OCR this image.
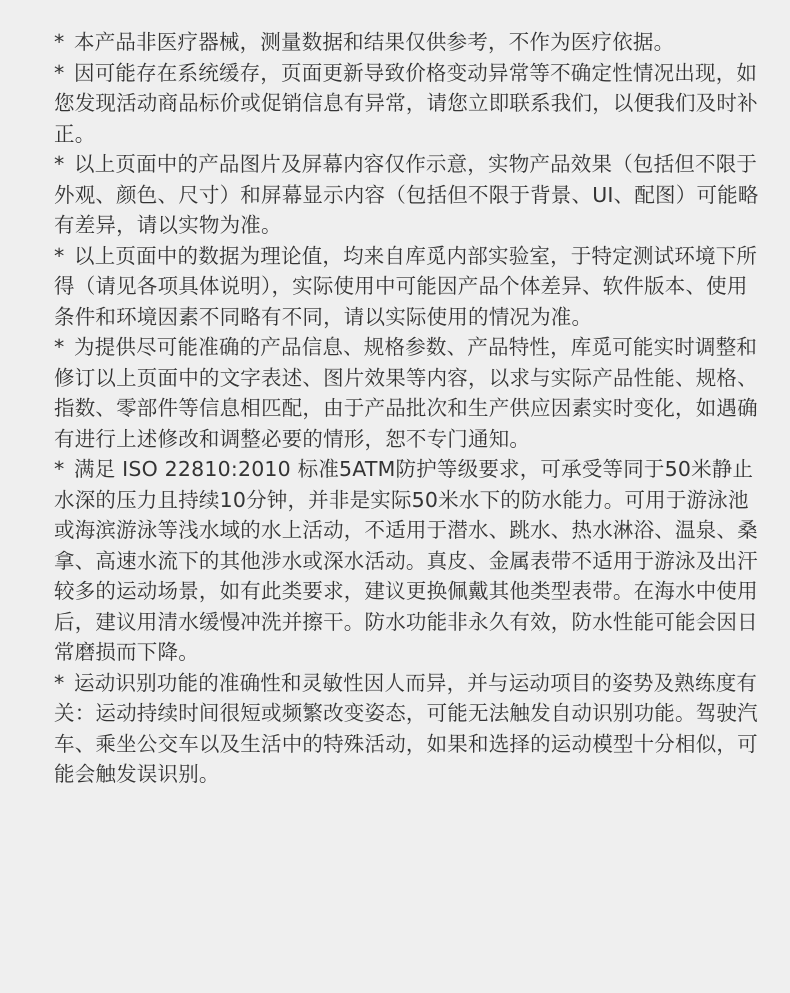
* 本产品非医疗器械，测量数据和结果仅供参考，不作为医疗依据。

* 因可能存在系统缓存，页面更新导致价格变动异常等不确定性情况出现，如您发现活动商品标价或促销信息有异常，请您立即联系我们，以便我们及时补正。

* 以上页面中的产品图片及屏幕内容仅作示意，实物产品效果（包括但不限于外观、颜色、尺寸）和屏幕显示内容（包括但不限于背景、UI、配图）可能略有差异，请以实物为准。

* 以上页面中的数据为理论值，均来自库觅内部实验室，于特定测试环境下所得（请见各项具体说明），实际使用中可能因产品个体差异、软件版本、使用条件和环境因素不同略有不同，请以实际使用的情况为准。

* 为提供尽可能准确的产品信息、规格参数、产品特性，库觅可能实时调整和修订以上页面中的文字表述、图片效果等内容，以求与实际产品性能、规格、指数、零部件等信息相匹配，由于产品批次和生产供应因素实时变化，如遇确有进行上述修改和调整必要的情形，恕不专门通知。

* 满足 ISO 22810:2010 标准5ATM防护等级要求，可承受等同于50米静止水深的压力且持续10分钟，并非是实际50米水下的防水能力。可用于游泳池或海滨游泳等浅水域的水上活动，不适用于潜水、跳水、热水淋浴、温泉、桑拿、高速水流下的其他涉水或深水活动。真皮、金属表带不适用于游泳及出汗较多的运动场景，如有此类要求，建议更换佩戴其他类型表带。在海水中使用后，建议用清水缓慢冲洗并擦干。防水功能非永久有效，防水性能可能会因日常磨损而下降。

* 运动识别功能的准确性和灵敏性因人而异，并与运动项目的姿势及熟练度有关：运动持续时间很短或频繁改变姿态，可能无法触发自动识别功能。驾驶汽车、乘坐公交车以及生活中的特殊活动，如果和选择的运动模型十分相似，可能会触发误识别。
